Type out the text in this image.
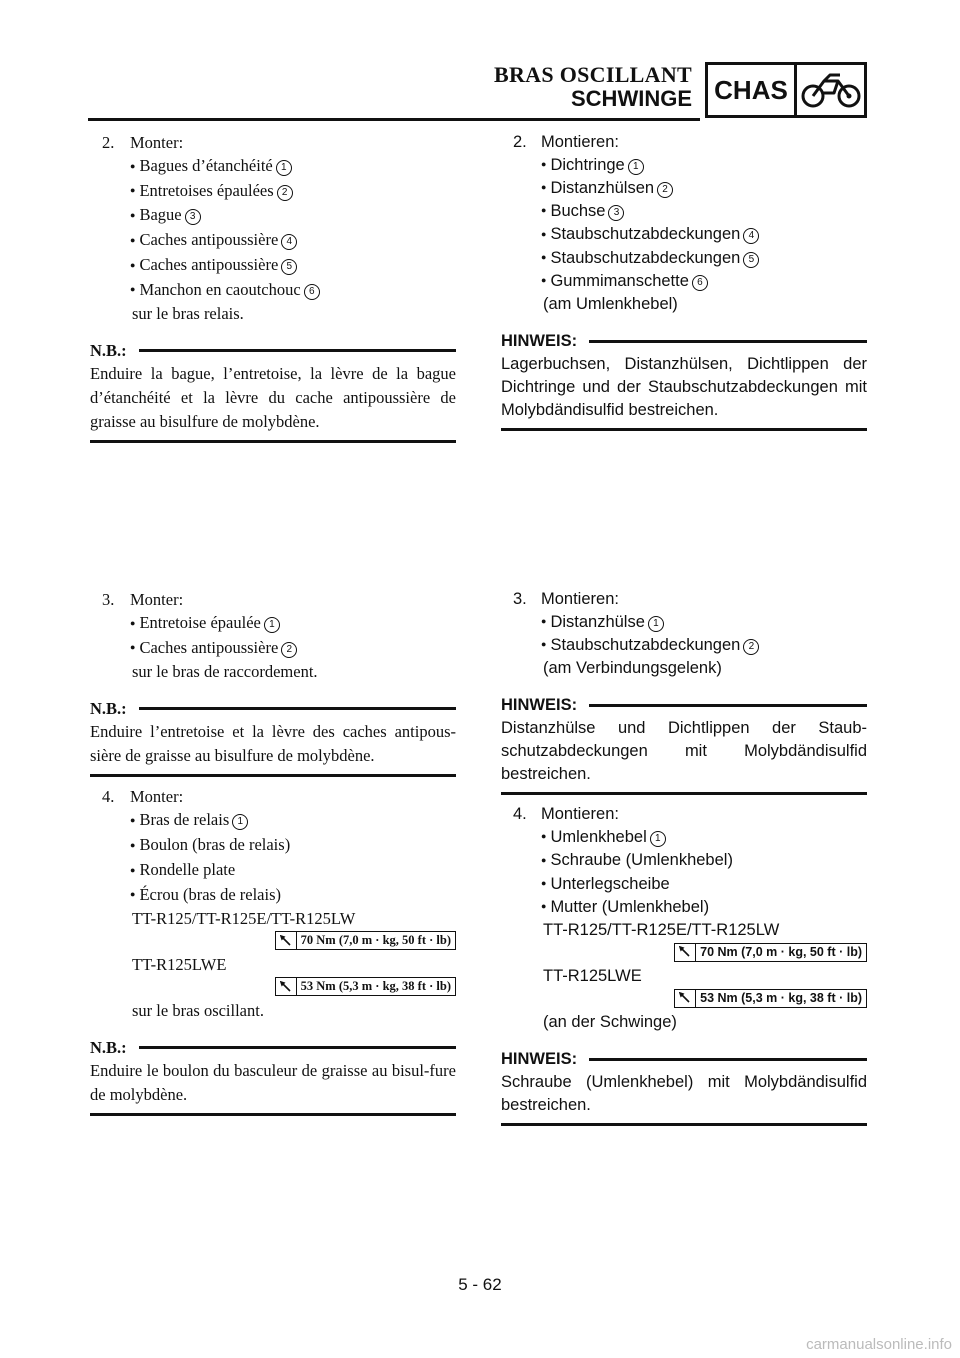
BRAS OSCILLANT
SCHWINGE CHAS
2. Monter:
● Bagues d’étanchéité 1
● Entretoises épaulées 2
● Bague 3
● Caches antipoussière 4
● Caches antipoussière 5
● Manchon en caoutchouc 6
sur le bras relais.
N.B.:
Enduire la bague, l’entretoise, la lèvre de la bague d’étanchéité et la lèvre du cache antipoussière de graisse au bisulfure de molybdène.
2. Montieren:
● Dichtringe 1
● Distanzhülsen 2
● Buchse 3
● Staubschutzabdeckungen 4
● Staubschutzabdeckungen 5
● Gummimanschette 6
(am Umlenkhebel)
HINWEIS:
Lagerbuchsen, Distanzhülsen, Dichtlippen der Dichtringe und der Staubschutzabdeckungen mit Molybdändisulfid bestreichen.
3. Monter:
● Entretoise épaulée 1
● Caches antipoussière 2
sur le bras de raccordement.
N.B.:
Enduire l’entretoise et la lèvre des caches antipous-sière de graisse au bisulfure de molybdène.
4. Monter:
● Bras de relais 1
● Boulon (bras de relais)
● Rondelle plate
● Écrou (bras de relais)
TT-R125/TT-R125E/TT-R125LW
70 Nm (7,0 m · kg, 50 ft · lb)
TT-R125LWE
53 Nm (5,3 m · kg, 38 ft · lb)
sur le bras oscillant.
N.B.:
Enduire le boulon du basculeur de graisse au bisul-fure de molybdène.
3. Montieren:
● Distanzhülse 1
● Staubschutzabdeckungen 2
(am Verbindungsgelenk)
HINWEIS:
Distanzhülse und Dichtlippen der Staub-schutzabdeckungen mit Molybdändisulfid bestreichen.
4. Montieren:
● Umlenkhebel 1
● Schraube (Umlenkhebel)
● Unterlegscheibe
● Mutter (Umlenkhebel)
TT-R125/TT-R125E/TT-R125LW
70 Nm (7,0 m · kg, 50 ft · lb)
TT-R125LWE
53 Nm (5,3 m · kg, 38 ft · lb)
(an der Schwinge)
HINWEIS:
Schraube (Umlenkhebel) mit Molybdändisulfid bestreichen.
5 - 62
carmanualsonline.info
